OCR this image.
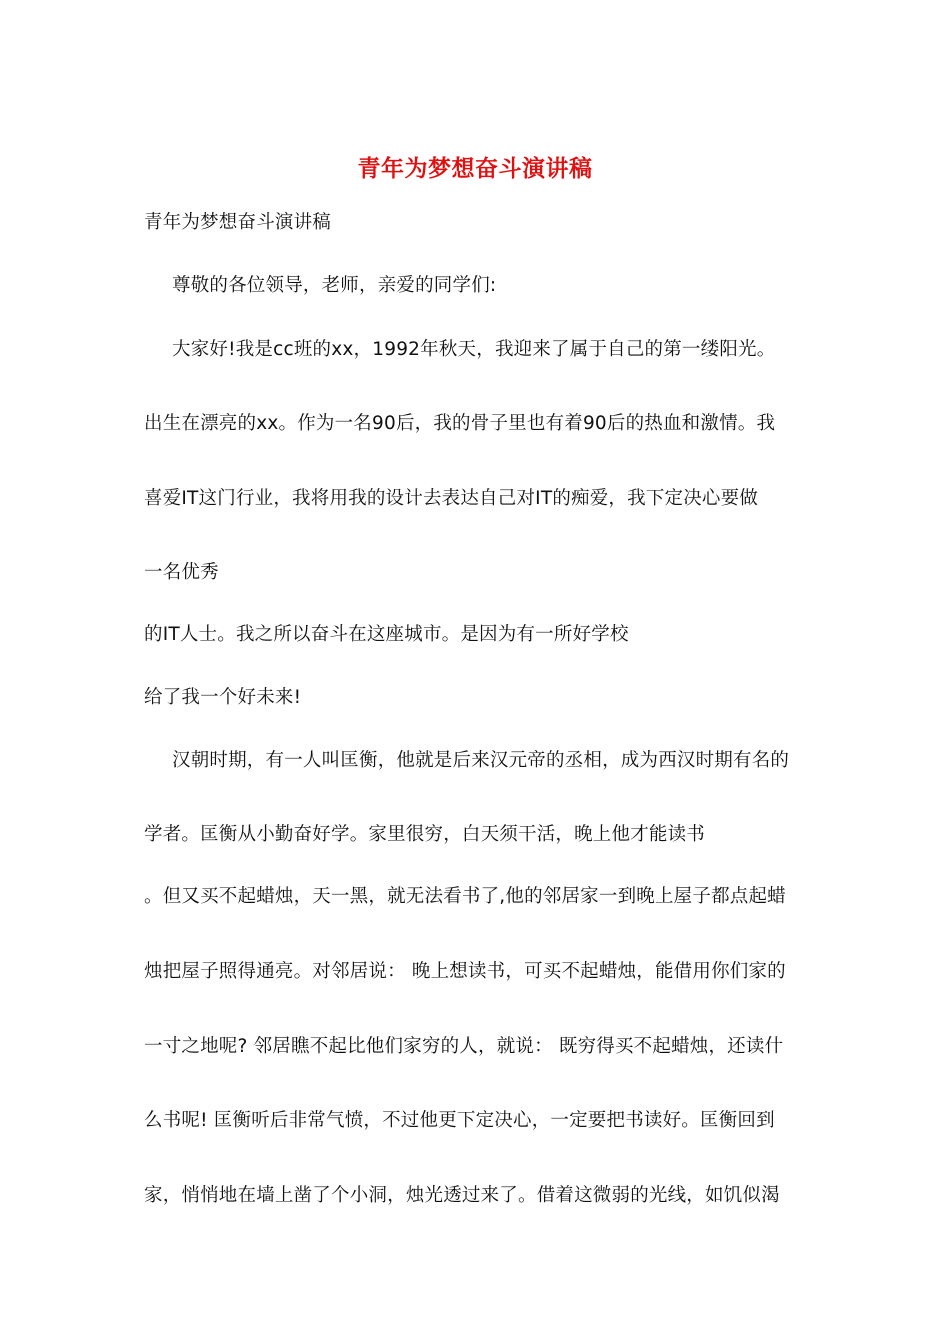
青年为梦想奋斗演讲稿
青年为梦想奋斗演讲稿
尊敬的各位领导，老师，亲爱的同学们:
大家好!我是cc班的xx，1992年秋天，我迎来了属于自己的第一缕阳光。
出生在漂亮的xx。作为一名90后，我的骨子里也有着90后的热血和激情。我
喜爱IT这门行业，我将用我的设计去表达自己对IT的痴爱，我下定决心要做
一名优秀
的IT人士。我之所以奋斗在这座城市。是因为有一所好学校
给了我一个好未来!
汉朝时期，有一人叫匡衡，他就是后来汉元帝的丞相，成为西汉时期有名的
学者。匡衡从小勤奋好学。家里很穷，白天须干活，晚上他才能读书
。但又买不起蜡烛，天一黑，就无法看书了,他的邻居家一到晚上屋子都点起蜡
烛把屋子照得通亮。对邻居说： 晚上想读书，可买不起蜡烛，能借用你们家的
一寸之地呢? 邻居瞧不起比他们家穷的人，就说： 既穷得买不起蜡烛，还读什
么书呢! 匡衡听后非常气愤，不过他更下定决心，一定要把书读好。匡衡回到
家，悄悄地在墙上凿了个小洞，烛光透过来了。借着这微弱的光线，如饥似渴
